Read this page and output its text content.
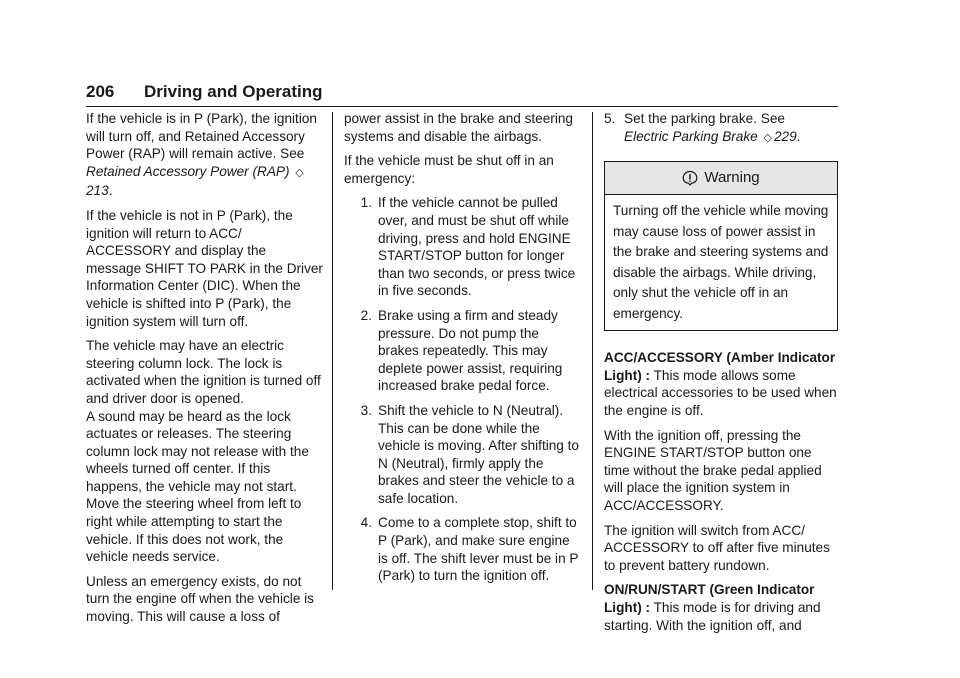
206	Driving and Operating

If the vehicle is in P (Park), the ignition will turn off, and Retained Accessory Power (RAP) will remain active. See Retained Accessory Power (RAP) ◇213.

If the vehicle is not in P (Park), the ignition will return to ACC/ ACCESSORY and display the message SHIFT TO PARK in the Driver Information Center (DIC). When the vehicle is shifted into P (Park), the ignition system will turn off.

The vehicle may have an electric steering column lock. The lock is activated when the ignition is turned off and driver door is opened.

A sound may be heard as the lock actuates or releases. The steering column lock may not release with the wheels turned off center. If this happens, the vehicle may not start. Move the steering wheel from left to right while attempting to start the vehicle. If this does not work, the vehicle needs service.

Unless an emergency exists, do not turn the engine off when the vehicle is moving. This will cause a loss of

power assist in the brake and steering systems and disable the airbags.

If the vehicle must be shut off in an emergency:

1. If the vehicle cannot be pulled over, and must be shut off while driving, press and hold ENGINE START/STOP button for longer than two seconds, or press twice in five seconds.
2. Brake using a firm and steady pressure. Do not pump the brakes repeatedly. This may deplete power assist, requiring increased brake pedal force.
3. Shift the vehicle to N (Neutral). This can be done while the vehicle is moving. After shifting to N (Neutral), firmly apply the brakes and steer the vehicle to a safe location.
4. Come to a complete stop, shift to P (Park), and make sure engine is off. The shift lever must be in P (Park) to turn the ignition off.
5. Set the parking brake. See
Electric Parking Brake ◇ 229.
Warning
Turning off the vehicle while moving may cause loss of power assist in the brake and steering systems and disable the airbags. While driving, only shut the vehicle off in an emergency.

ACC/ACCESSORY (Amber Indicator Light) : This mode allows some electrical accessories to be used when the engine is off.

With the ignition off, pressing the ENGINE START/STOP button one time without the brake pedal applied will place the ignition system in ACC/ACCESSORY.

The ignition will switch from ACC/ ACCESSORY to off after five minutes to prevent battery rundown.

ON/RUN/START (Green Indicator Light) : This mode is for driving and starting. With the ignition off, and
